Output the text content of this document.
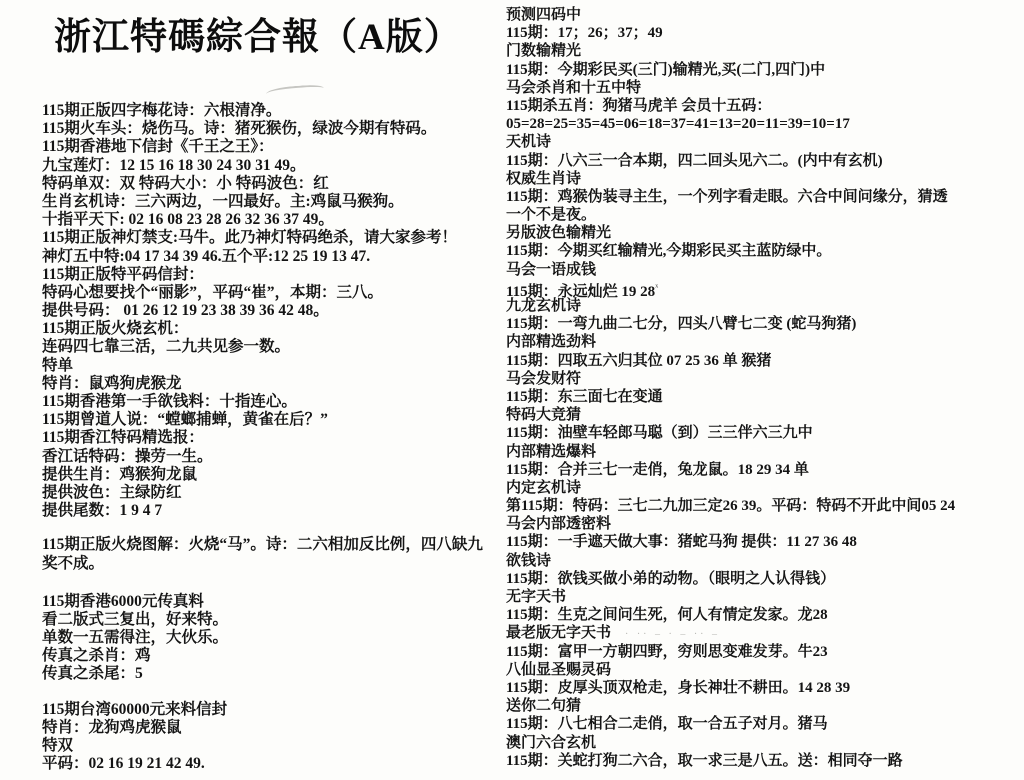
浙江特碼綜合報（A版）
115期正版四字梅花诗：六根清净。
115期火车头：烧伤马。诗：猪死猴伤，绿波今期有特码。
115期香港地下信封《千王之王》：
九宝莲灯：12 15 16 18 30 24 30 31 49。
特码单双：双 特码大小：小 特码波色：红
生肖玄机诗：三六两边，一四最好。主:鸡鼠马猴狗。
十指平天下: 02 16 08 23 28 26 32 36 37 49。
115期正版神灯禁支:马牛。此乃神灯特码绝杀，请大家参考！
神灯五中特:04 17 34 39 46.五个平:12 25 19 13 47.
115期正版特平码信封：
特码心想要找个“丽影”，平码“崔”，本期：三八。
提供号码： 01 26 12 19 23 38 39 36 42 48。
115期正版火烧玄机：
连码四七靠三活，二九共见参一数。
特单
特肖：鼠鸡狗虎猴龙
115期香港第一手欲钱料：十指连心。
115期曾道人说：“螳螂捕蝉，黄雀在后？”
115期香江特码精选报：
香江话特码：操劳一生。
提供生肖：鸡猴狗龙鼠
提供波色：主绿防红
提供尾数：1 9 4 7
115期正版火烧图解：火烧“马”。诗：二六相加反比例，四八缺九
奖不成。
115期香港6000元传真料
看二版式三复出，好来特。
单数一五需得注，大伙乐。
传真之杀肖：鸡
传真之杀尾：5
115期台湾60000元来料信封
特肖：龙狗鸡虎猴鼠
特双
平码：02 16 19 21 42 49.
预测四码中
115期：17；26；37；49
门数输精光
115期：今期彩民买(三门)输精光,买(二门,四门)中
马会杀肖和十五中特
115期杀五肖：狗猪马虎羊 会员十五码：
05=28=25=35=45=06=18=37=41=13=20=11=39=10=17
天机诗
115期：八六三一合本期，四二回头见六二。(内中有玄机)
权威生肖诗
115期：鸡猴伪装寻主生，一个列字看走眼。六合中间问缘分，猜透
一个不是夜。
另版波色输精光
115期：今期买红输精光,今期彩民买主蓝防绿中。
马会一语成钱
115期：永远灿烂 19 $28^ˣ$
九龙玄机诗
115期：一弯九曲二七分，四头八臂七二变 (蛇马狗猪)
内部精选劲料
115期：四取五六归其位 07 25 36 单 猴猪
马会发财符
115期：东三面七在变通
特码大竞猜
115期：油壁车轻郎马聪（到）三三伴六三九中
内部精选爆料
115期：合并三七一走俏，兔龙鼠。18 29 34 单
内定玄机诗
第115期：特码：三七二九加三定26 39。平码：特码不开此中间05 24
马会内部透密料
115期：一手遮天做大事：猪蛇马狗 提供：11 27 36 48
欲钱诗
115期：欲钱买做小弟的动物。（眼明之人认得钱）
无字天书
115期：生克之间问生死，何人有情定发家。龙28
最老版无字天书 · ·· – · – ·· –
115期：富甲一方朝四野，穷则思变难发芽。牛23
八仙显圣赐灵码
115期：皮厚头顶双枪走，身长神壮不耕田。14 28 39
送你二句猜
115期：八七相合二走俏，取一合五子对月。猪马
澳门六合玄机
115期：关蛇打狗二六合，取一求三是八五。送：相同夺一路
